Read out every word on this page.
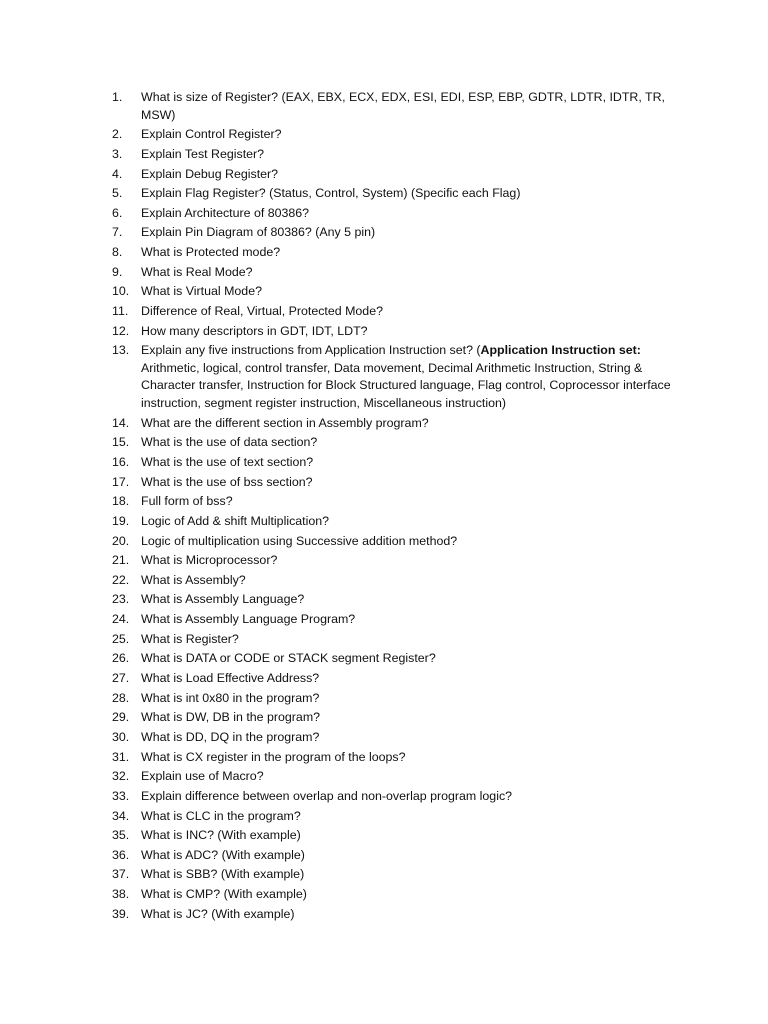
1.	What is size of Register? (EAX, EBX, ECX, EDX, ESI, EDI, ESP, EBP, GDTR, LDTR, IDTR, TR, MSW)
2.	Explain Control Register?
3.	Explain Test Register?
4.	Explain Debug Register?
5.	Explain Flag Register? (Status, Control, System) (Specific each Flag)
6.	Explain Architecture of 80386?
7.	Explain Pin Diagram of 80386? (Any 5 pin)
8.	What is Protected mode?
9.	What is Real Mode?
10. What is Virtual Mode?
11.	Difference of Real, Virtual, Protected Mode?
12. How many descriptors in GDT, IDT, LDT?
13. Explain any five instructions from Application Instruction set? (Application Instruction set: Arithmetic, logical, control transfer, Data movement, Decimal Arithmetic Instruction, String & Character transfer, Instruction for Block Structured language, Flag control, Coprocessor interface instruction, segment register instruction, Miscellaneous instruction)
14. What are the different section in Assembly program?
15. What is the use of data section?
16. What is the use of text section?
17. What is the use of bss section?
18. Full form of bss?
19. Logic of Add & shift Multiplication?
20. Logic of multiplication using Successive addition method?
21. What is Microprocessor?
22. What is Assembly?
23. What is Assembly Language?
24. What is Assembly Language Program?
25. What is Register?
26. What is DATA or CODE or STACK segment Register?
27. What is Load Effective Address?
28. What is int 0x80 in the program?
29. What is DW, DB in the program?
30. What is DD, DQ in the program?
31. What is CX register in the program of the loops?
32. Explain use of Macro?
33. Explain difference between overlap and non-overlap program logic?
34. What is CLC in the program?
35. What is INC? (With example)
36. What is ADC? (With example)
37. What is SBB? (With example)
38. What is CMP? (With example)
39. What is JC? (With example)
